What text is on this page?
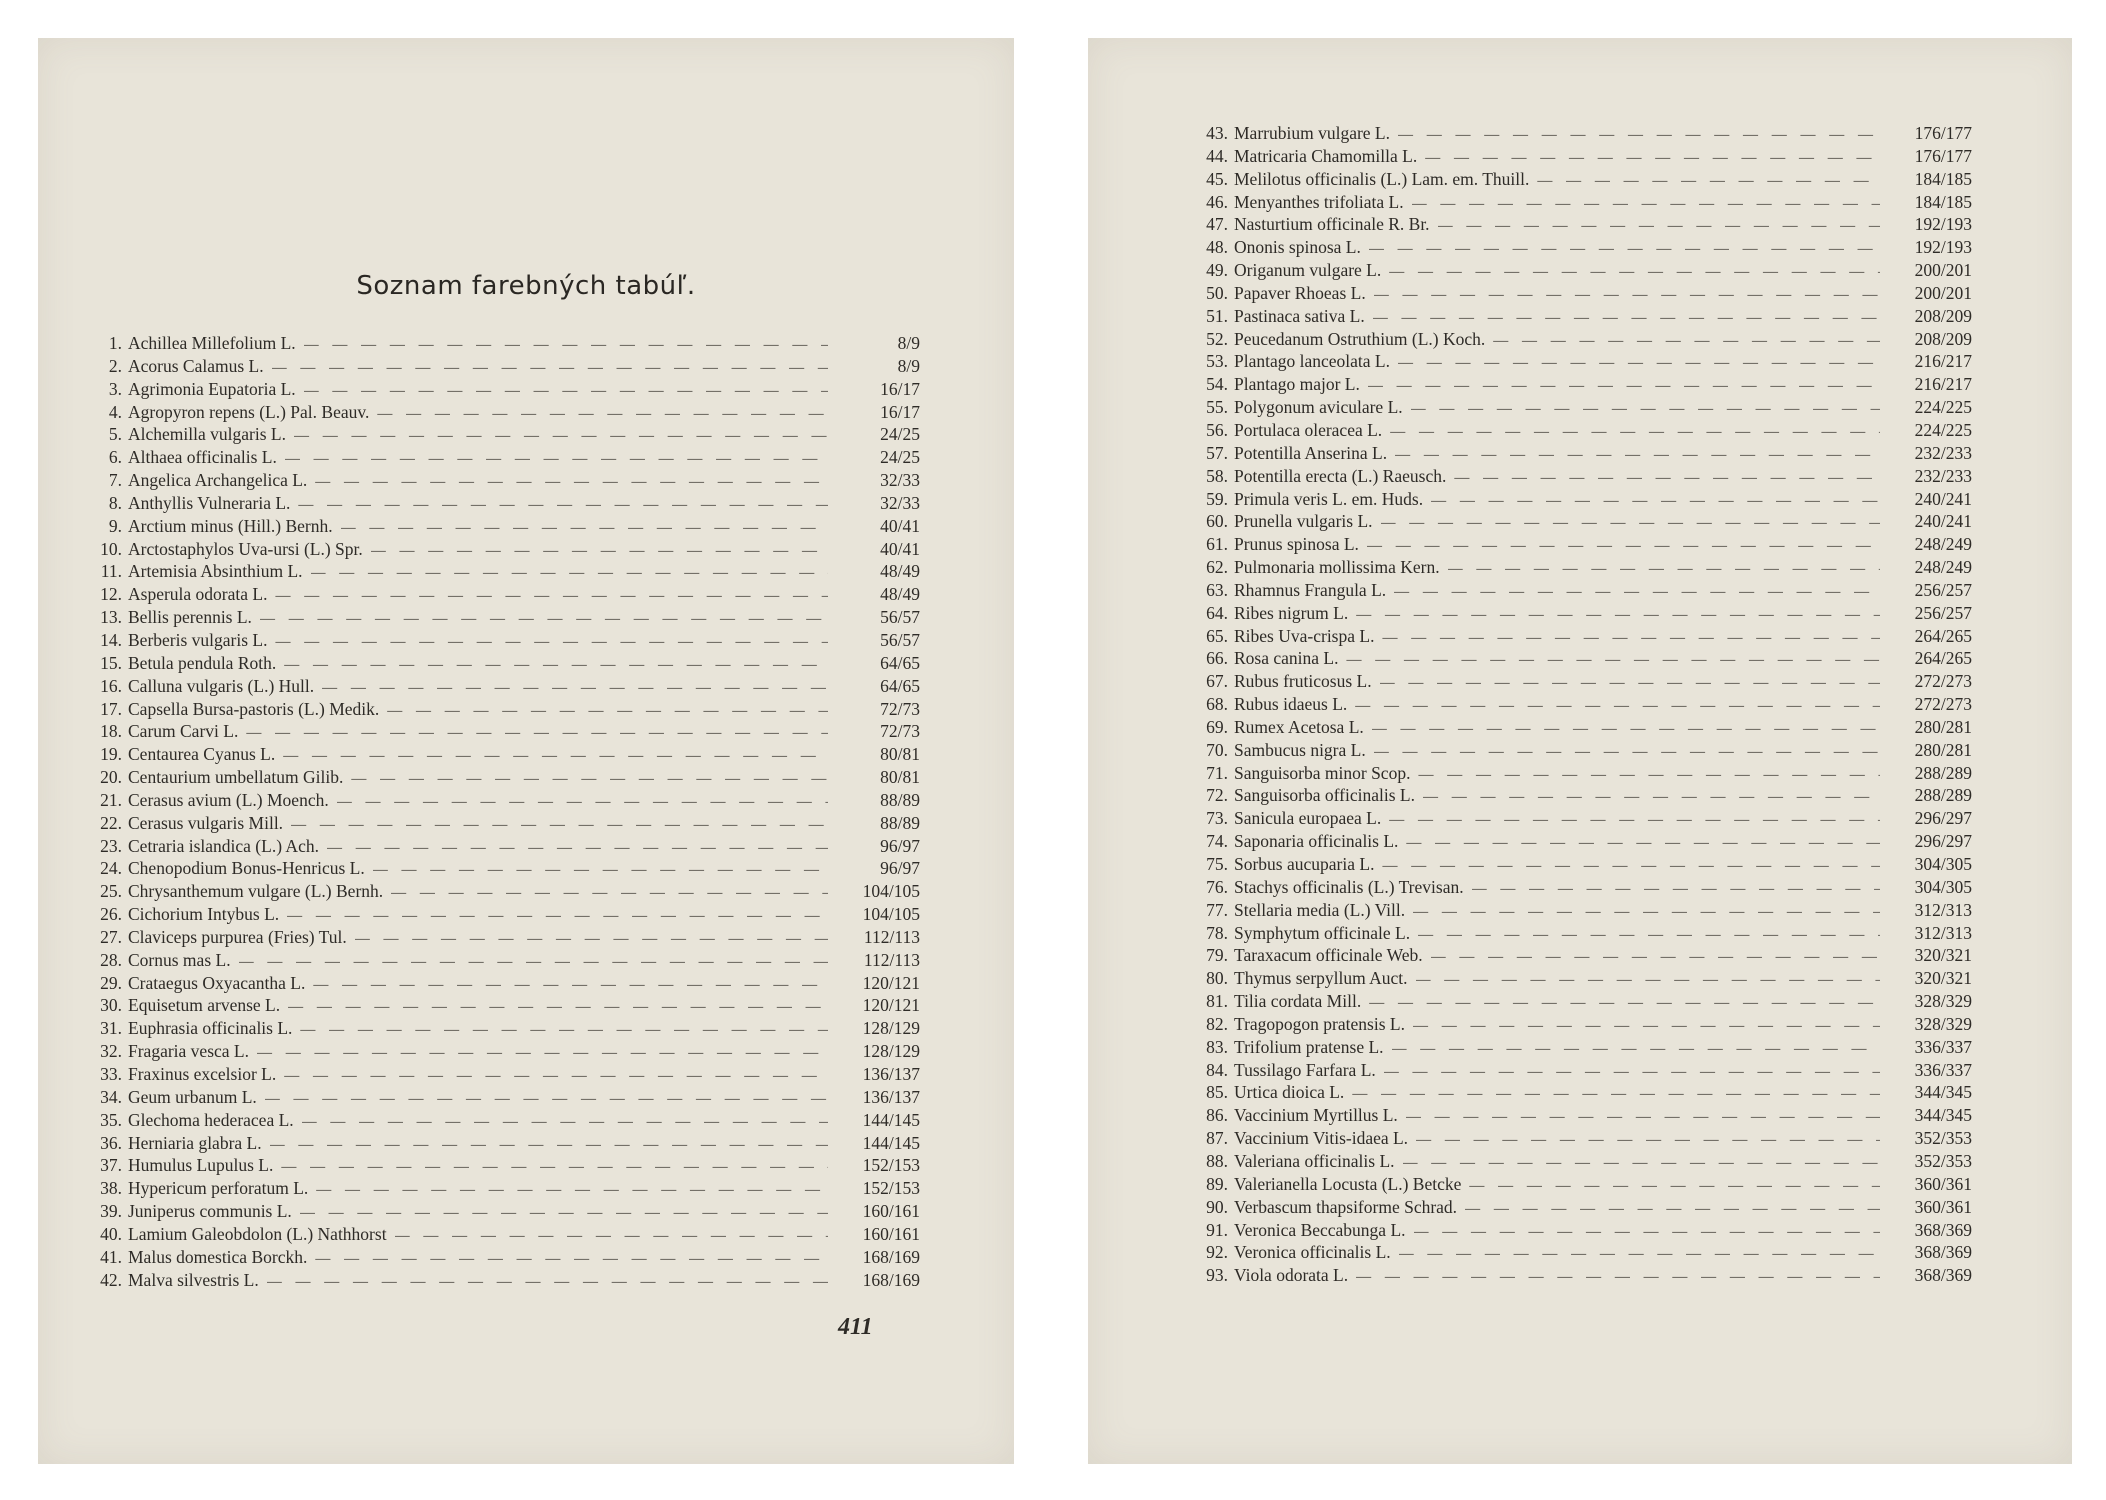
Soznam farebných tabúľ.
1. Achillea Millefolium L. — — —	8/9
2. Acorus Calamus L. — — —	8/9
3. Agrimonia Eupatoria L. — — —	16/17
4. Agropyron repens (L.) Pal. Beauv. — — —	16/17
5. Alchemilla vulgaris L. — — —	24/25
6. Althaea officinalis L. — — —	24/25
7. Angelica Archangelica L. — — —	32/33
8. Anthyllis Vulneraria L. — — —	32/33
9. Arctium minus (Hill.) Bernh. — — —	40/41
10. Arctostaphylos Uva-ursi (L.) Spr. — — —	40/41
11. Artemisia Absinthium L. — — —	48/49
12. Asperula odorata L. — — —	48/49
13. Bellis perennis L. — — —	56/57
14. Berberis vulgaris L. — — —	56/57
15. Betula pendula Roth. — — —	64/65
16. Calluna vulgaris (L.) Hull. — — —	64/65
17. Capsella Bursa-pastoris (L.) Medik. — — —	72/73
18. Carum Carvi L. — — —	72/73
19. Centaurea Cyanus L. — — —	80/81
20. Centaurium umbellatum Gilib. — — —	80/81
21. Cerasus avium (L.) Moench. — — —	88/89
22. Cerasus vulgaris Mill. — — —	88/89
23. Cetraria islandica (L.) Ach. — — —	96/97
24. Chenopodium Bonus-Henricus L. — — —	96/97
25. Chrysanthemum vulgare (L.) Bernh. — — —	104/105
26. Cichorium Intybus L. — — —	104/105
27. Claviceps purpurea (Fries) Tul. — — —	112/113
28. Cornus mas L. — — —	112/113
29. Crataegus Oxyacantha L. — — —	120/121
30. Equisetum arvense L. — — —	120/121
31. Euphrasia officinalis L. — — —	128/129
32. Fragaria vesca L. — — —	128/129
33. Fraxinus excelsior L. — — —	136/137
34. Geum urbanum L. — — —	136/137
35. Glechoma hederacea L. — — —	144/145
36. Herniaria glabra L. — — —	144/145
37. Humulus Lupulus L. — — —	152/153
38. Hypericum perforatum L. — — —	152/153
39. Juniperus communis L. — — —	160/161
40. Lamium Galeobdolon (L.) Nathhorst — — —	160/161
41. Malus domestica Borckh. — — —	168/169
42. Malva silvestris L. — — —	168/169
411
43. Marrubium vulgare L. — — —	176/177
44. Matricaria Chamomilla L. — — —	176/177
45. Melilotus officinalis (L.) Lam. em. Thuill. — — —	184/185
46. Menyanthes trifoliata L. — — —	184/185
47. Nasturtium officinale R. Br. — — —	192/193
48. Ononis spinosa L. — — —	192/193
49. Origanum vulgare L. — — —	200/201
50. Papaver Rhoeas L. — — —	200/201
51. Pastinaca sativa L. — — —	208/209
52. Peucedanum Ostruthium (L.) Koch. — — —	208/209
53. Plantago lanceolata L. — — —	216/217
54. Plantago major L. — — —	216/217
55. Polygonum aviculare L. — — —	224/225
56. Portulaca oleracea L. — — —	224/225
57. Potentilla Anserina L. — — —	232/233
58. Potentilla erecta (L.) Raeusch. — — —	232/233
59. Primula veris L. em. Huds. — — —	240/241
60. Prunella vulgaris L. — — —	240/241
61. Prunus spinosa L. — — —	248/249
62. Pulmonaria mollissima Kern. — — —	248/249
63. Rhamnus Frangula L. — — —	256/257
64. Ribes nigrum L. — — —	256/257
65. Ribes Uva-crispa L. — — —	264/265
66. Rosa canina L. — — —	264/265
67. Rubus fruticosus L. — — —	272/273
68. Rubus idaeus L. — — —	272/273
69. Rumex Acetosa L. — — —	280/281
70. Sambucus nigra L. — — —	280/281
71. Sanguisorba minor Scop. — — —	288/289
72. Sanguisorba officinalis L. — — —	288/289
73. Sanicula europaea L. — — —	296/297
74. Saponaria officinalis L. — — —	296/297
75. Sorbus aucuparia L. — — —	304/305
76. Stachys officinalis (L.) Trevisan. — — —	304/305
77. Stellaria media (L.) Vill. — — —	312/313
78. Symphytum officinale L. — — —	312/313
79. Taraxacum officinale Web. — — —	320/321
80. Thymus serpyllum Auct. — — —	320/321
81. Tilia cordata Mill. — — —	328/329
82. Tragopogon pratensis L. — — —	328/329
83. Trifolium pratense L. — — —	336/337
84. Tussilago Farfara L. — — —	336/337
85. Urtica dioica L. — — —	344/345
86. Vaccinium Myrtillus L. — — —	344/345
87. Vaccinium Vitis-idaea L. — — —	352/353
88. Valeriana officinalis L. — — —	352/353
89. Valerianella Locusta (L.) Betcke — — —	360/361
90. Verbascum thapsiforme Schrad. — — —	360/361
91. Veronica Beccabunga L. — — —	368/369
92. Veronica officinalis L. — — —	368/369
93. Viola odorata L. — — —	368/369
